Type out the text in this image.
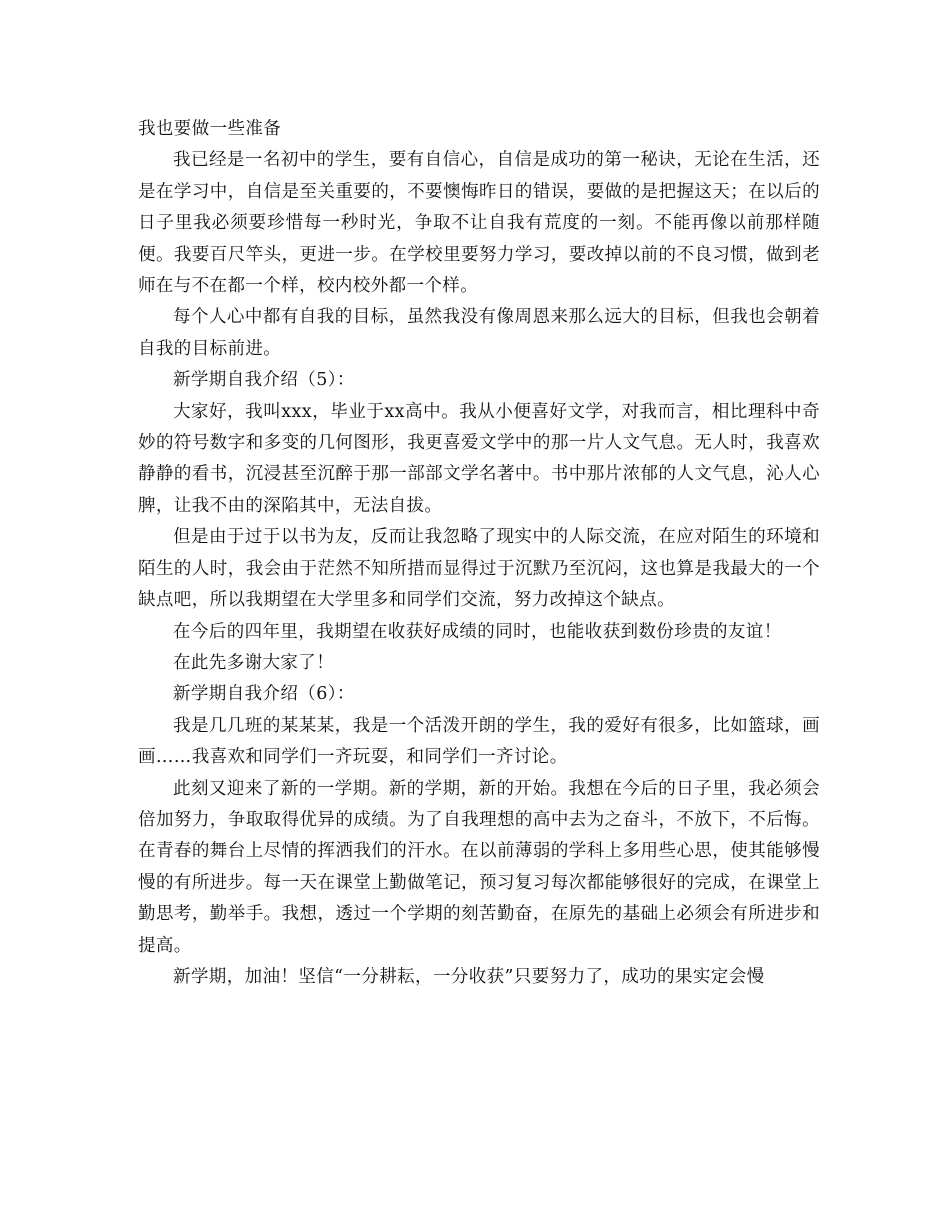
我也要做一些准备

我已经是一名初中的学生，要有自信心，自信是成功的第一秘诀，无论在生活，还是在学习中，自信是至关重要的，不要懊悔昨日的错误，要做的是把握这天；在以后的日子里我必须要珍惜每一秒时光，争取不让自我有荒度的一刻。不能再像以前那样随便。我要百尺竿头，更进一步。在学校里要努力学习，要改掉以前的不良习惯，做到老师在与不在都一个样，校内校外都一个样。

每个人心中都有自我的目标，虽然我没有像周恩来那么远大的目标，但我也会朝着自我的目标前进。

新学期自我介绍（5）：

大家好，我叫xxx，毕业于xx高中。我从小便喜好文学，对我而言，相比理科中奇妙的符号数字和多变的几何图形，我更喜爱文学中的那一片人文气息。无人时，我喜欢静静的看书，沉浸甚至沉醉于那一部部文学名著中。书中那片浓郁的人文气息，沁人心脾，让我不由的深陷其中，无法自拔。

但是由于过于以书为友，反而让我忽略了现实中的人际交流，在应对陌生的环境和陌生的人时，我会由于茫然不知所措而显得过于沉默乃至沉闷，这也算是我最大的一个缺点吧，所以我期望在大学里多和同学们交流，努力改掉这个缺点。

在今后的四年里，我期望在收获好成绩的同时，也能收获到数份珍贵的友谊！

在此先多谢大家了！

新学期自我介绍（6）：

我是几几班的某某某，我是一个活泼开朗的学生，我的爱好有很多，比如篮球，画画……我喜欢和同学们一齐玩耍，和同学们一齐讨论。

此刻又迎来了新的一学期。新的学期，新的开始。我想在今后的日子里，我必须会倍加努力，争取取得优异的成绩。为了自我理想的高中去为之奋斗，不放下，不后悔。在青春的舞台上尽情的挥洒我们的汗水。在以前薄弱的学科上多用些心思，使其能够慢慢的有所进步。每一天在课堂上勤做笔记，预习复习每次都能够很好的完成，在课堂上勤思考，勤举手。我想，透过一个学期的刻苦勤奋，在原先的基础上必须会有所进步和提高。

新学期，加油！坚信“一分耕耘，一分收获”只要努力了，成功的果实定会慢
